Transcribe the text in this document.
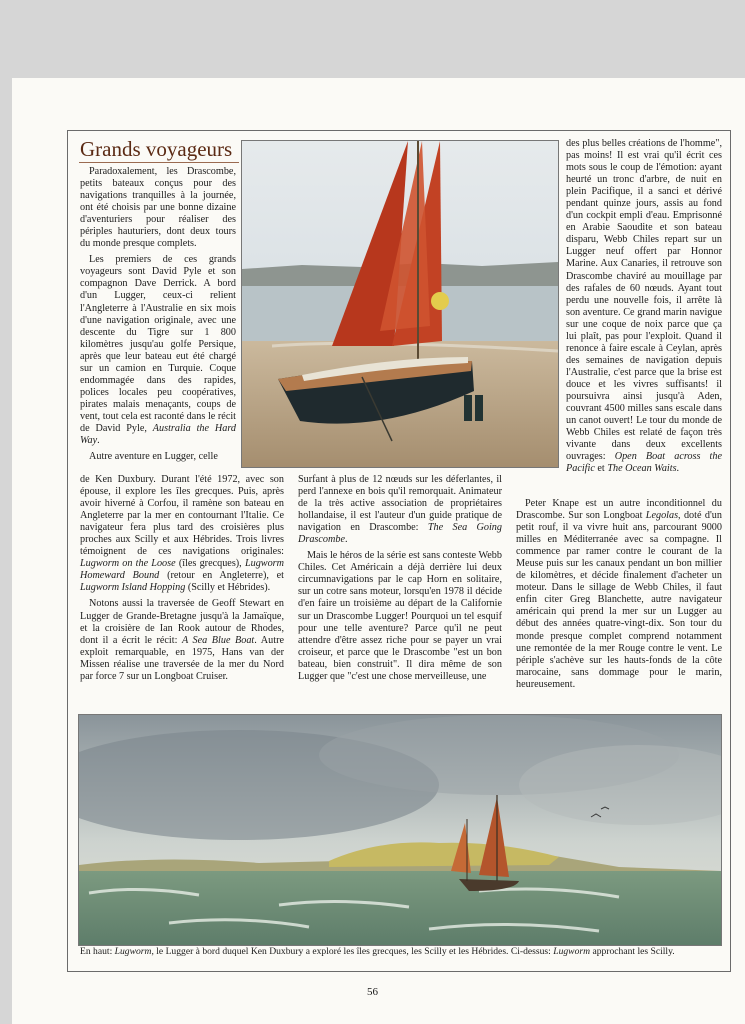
Grands voyageurs

Paradoxalement, les Drascombe, petits bateaux conçus pour des navigations tranquilles à la journée, ont été choisis par une bonne dizaine d'aventuriers pour réaliser des périples hauturiers, dont deux tours du monde presque complets.

Les premiers de ces grands voyageurs sont David Pyle et son compagnon Dave Derrick. A bord d'un Lugger, ceux-ci relient l'Angleterre à l'Australie en six mois d'une navigation originale, avec une descente du Tigre sur 1 800 kilomètres jusqu'au golfe Persique, après que leur bateau eut été chargé sur un camion en Turquie. Coque endommagée dans des rapides, polices locales peu coopératives, pirates malais menaçants, coups de vent, tout cela est raconté dans le récit de David Pyle, Australia the Hard Way.

Autre aventure en Lugger, celle

de Ken Duxbury. Durant l'été 1972, avec son épouse, il explore les îles grecques. Puis, après avoir hiverné à Corfou, il ramène son bateau en Angleterre par la mer en contournant l'Italie. Ce navigateur fera plus tard des croisières plus proches aux Scilly et aux Hébrides. Trois livres témoignent de ces navigations originales: Lugworm on the Loose (îles grecques), Lugworm Homeward Bound (retour en Angleterre), et Lugworm Island Hopping (Scilly et Hébrides).

Notons aussi la traversée de Geoff Stewart en Lugger de Grande-Bretagne jusqu'à la Jamaïque, et la croisière de Ian Rook autour de Rhodes, dont il a écrit le récit: A Sea Blue Boat. Autre exploit remarquable, en 1975, Hans van der Missen réalise une traversée de la mer du Nord par force 7 sur un Longboat Cruiser.

Surfant à plus de 12 nœuds sur les déferlantes, il perd l'annexe en bois qu'il remorquait. Animateur de la très active association de propriétaires hollandaise, il est l'auteur d'un guide pratique de navigation en Drascombe: The Sea Going Drascombe.

Mais le héros de la série est sans conteste Webb Chiles. Cet Américain a déjà derrière lui deux circumnavigations par le cap Horn en solitaire, sur un cotre sans moteur, lorsqu'en 1978 il décide d'en faire un troisième au départ de la Californie sur un Drascombe Lugger! Pourquoi un tel esquif pour une telle aventure? Parce qu'il ne peut attendre d'être assez riche pour se payer un vrai croiseur, et parce que le Drascombe "est un bon bateau, bien construit". Il dira même de son Lugger que "c'est une chose merveilleuse, une

des plus belles créations de l'homme", pas moins! Il est vrai qu'il écrit ces mots sous le coup de l'émotion: ayant heurté un tronc d'arbre, de nuit en plein Pacifique, il a sanci et dérivé pendant quinze jours, assis au fond d'un cockpit empli d'eau. Emprisonné en Arabie Saoudite et son bateau disparu, Webb Chiles repart sur un Lugger neuf offert par Honnor Marine. Aux Canaries, il retrouve son Drascombe chaviré au mouillage par des rafales de 60 nœuds. Ayant tout perdu une nouvelle fois, il arrête là son aventure. Ce grand marin navigue sur une coque de noix parce que ça lui plaît, pas pour l'exploit. Quand il renonce à faire escale à Ceylan, après des semaines de navigation depuis l'Australie, c'est parce que la brise est douce et les vivres suffisants! il poursuivra ainsi jusqu'à Aden, couvrant 4500 milles sans escale dans un canot ouvert! Le tour du monde de Webb Chiles est relaté de façon très vivante dans deux excellents ouvrages: Open Boat across the Pacific et The Ocean Waits.

Peter Knape est un autre inconditionnel du Drascombe. Sur son Longboat Legolas, doté d'un petit rouf, il va vivre huit ans, parcourant 9000 milles en Méditerranée avec sa compagne. Il commence par ramer contre le courant de la Meuse puis sur les canaux pendant un bon millier de kilomètres, et décide finalement d'acheter un moteur. Dans le sillage de Webb Chiles, il faut enfin citer Greg Blanchette, autre navigateur américain qui prend la mer sur un Lugger au début des années quatre-vingt-dix. Son tour du monde presque complet comprend notamment une remontée de la mer Rouge contre le vent. Le périple s'achève sur les hauts-fonds de la côte marocaine, sans dommage pour le marin, heureusement.

En haut: Lugworm, le Lugger à bord duquel Ken Duxbury a exploré les îles grecques, les Scilly et les Hébrides. Ci-dessus: Lugworm approchant les Scilly.
56
